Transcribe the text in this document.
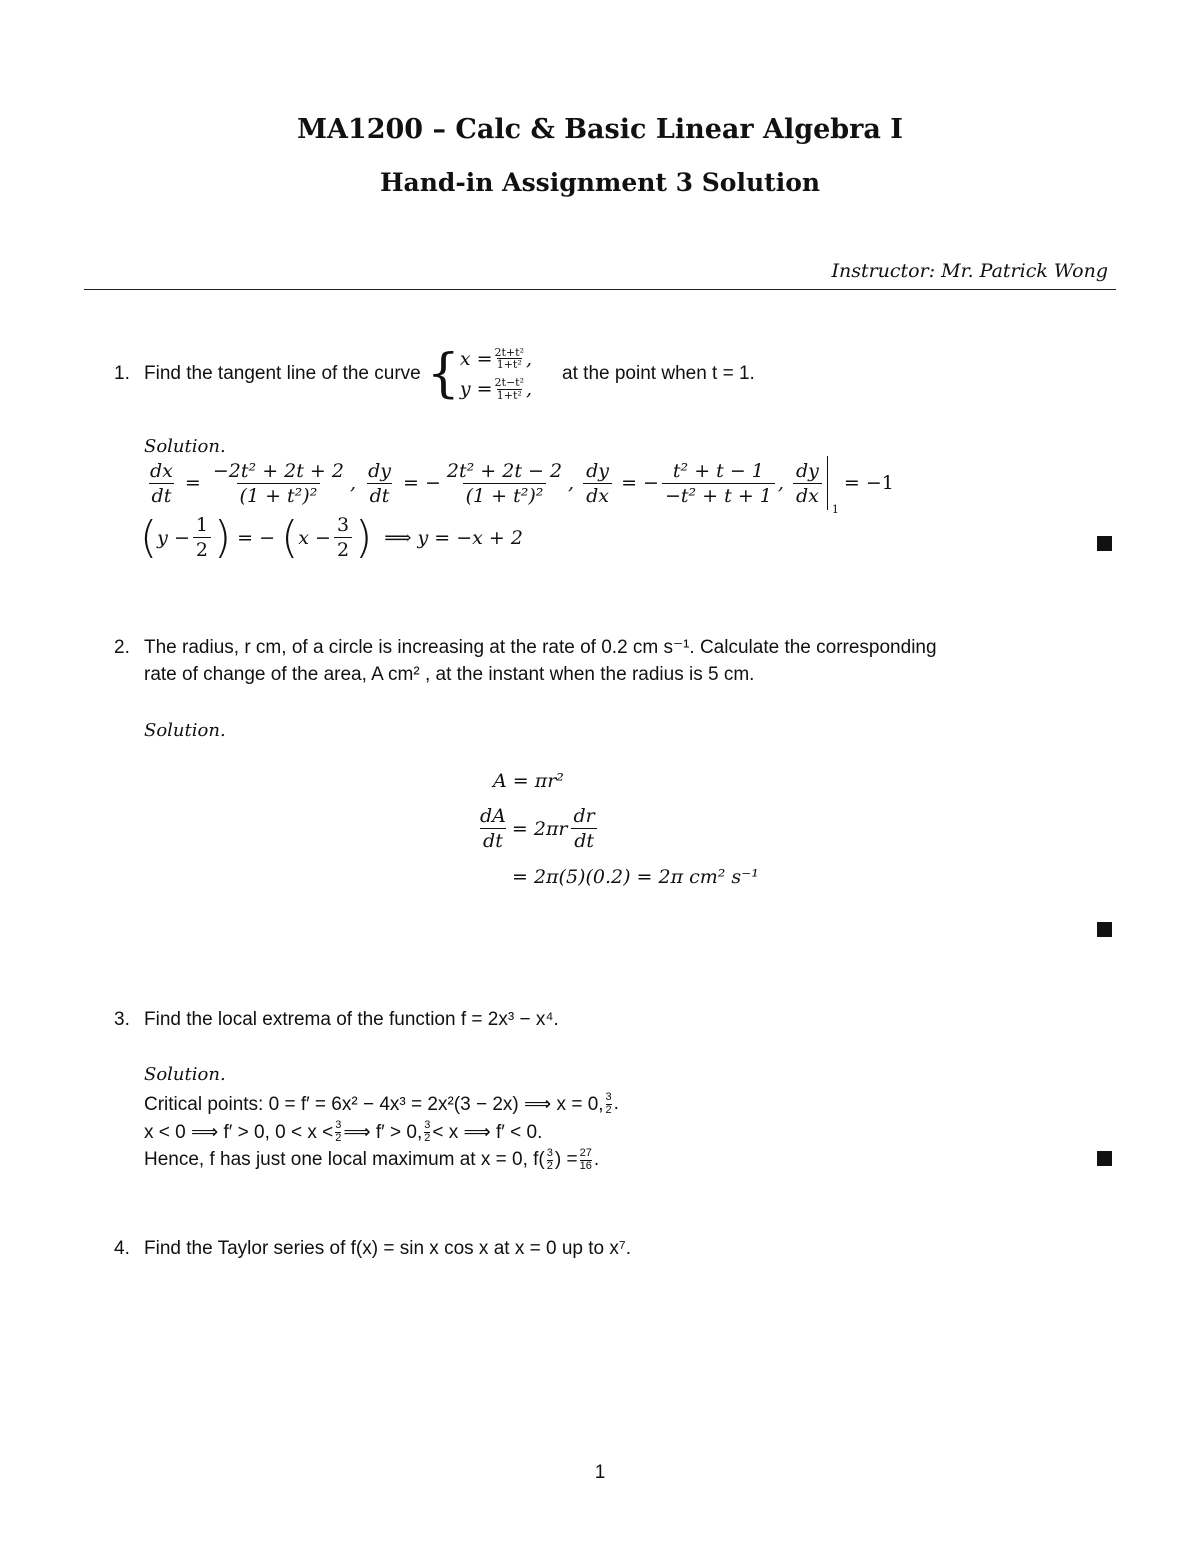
MA1200 – Calc & Basic Linear Algebra I
Hand-in Assignment 3 Solution
Instructor: Mr. Patrick Wong
1. Find the tangent line of the curve { $x = \frac{\text{2t+t²}}{\text{1+t²}}$ ,
$y = \frac{\text{2t−t²}}{\text{1+t²}}$ ,
at the point when t = 1.
Solution.
$\frac{dx}{dt} = \frac{\text{−2t² + 2t + 2}}{\text{(1 + t²)²}}$ , $\frac{dy}{dt}$ = − $\frac{\text{2t² + 2t − 2}}{\text{(1 + t²)²}}$ , $\frac{dy}{dx}$ = − $\frac{\text{t² + t − 1}}{\text{−t² + t + 1}}$ , $\frac{dy}{dx}$
1
= −1
( $y - \frac{1}{2}$ ) = − ( $x - \frac{3}{2}$ ) ⟹ y = −x + 2
2. The radius, r cm, of a circle is increasing at the rate of 0.2 cm s⁻¹. Calculate the corresponding
rate of change of the area, A cm² , at the instant when the radius is 5 cm.
Solution.
A = πr²
$\frac{dA}{dt} = 2\pi r \frac{dr}{dt}$
= 2π(5)(0.2) = 2π cm² s⁻¹
3. Find the local extrema of the function f = 2x³ − x⁴.
Solution.
Critical points: 0 = f′ = 6x² − 4x³ = 2x²(3 − 2x) ⟹ x = 0, $\frac{3}{2}$ .
x < 0 ⟹ f′ > 0, $0 < x < \frac{3}{2}$ ⟹ f′ > 0, $\frac{3}{2} < x$ ⟹ f′ < 0.
Hence, f has just one local maximum at x = 0, $f( \frac{3}{2}$ ) = $\frac{27}{16}$ .
4. Find the Taylor series of f(x) = sin x cos x at x = 0 up to x⁷.
1
